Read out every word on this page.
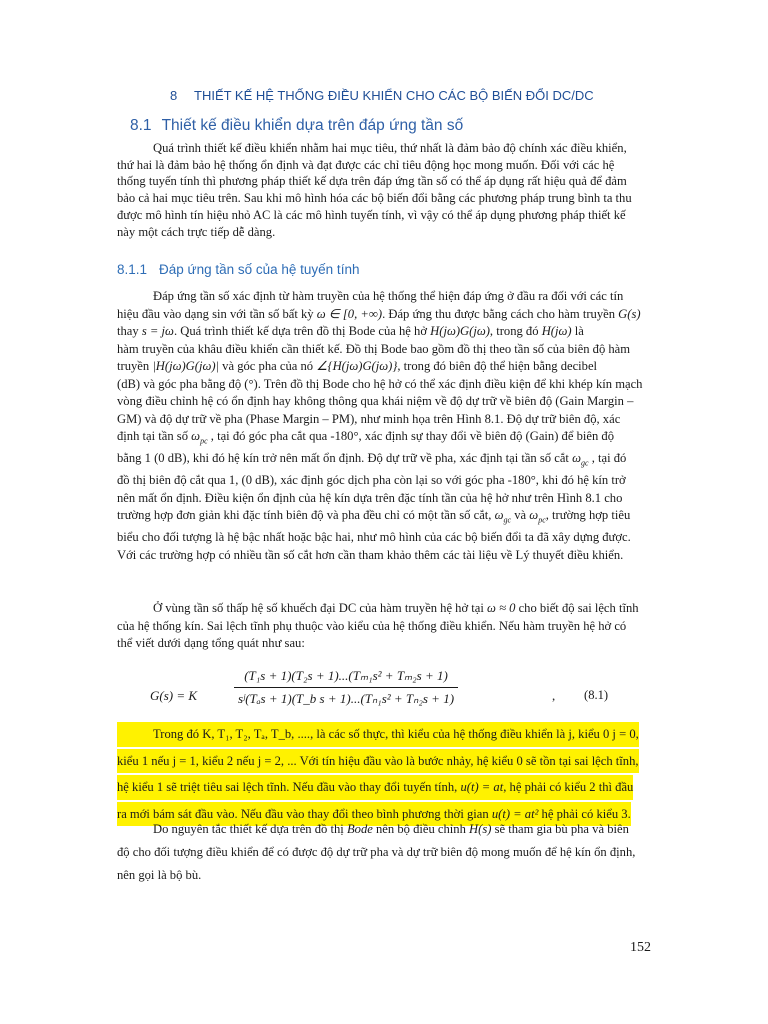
8 THIẾT KẾ HỆ THỐNG ĐIỀU KHIỂN CHO CÁC BỘ BIẾN ĐỔI DC/DC
8.1 Thiết kế điều khiển dựa trên đáp ứng tần số
Quá trình thiết kế điều khiển nhằm hai mục tiêu, thứ nhất là đảm bảo độ chính xác điều khiển,
thứ hai là đảm bảo hệ thống ổn định và đạt được các chỉ tiêu động học mong muốn. Đối với các hệ
thống tuyến tính thì phương pháp thiết kế dựa trên đáp ứng tần số có thể áp dụng rất hiệu quả để đảm
bảo cả hai mục tiêu trên. Sau khi mô hình hóa các bộ biến đổi bằng các phương pháp trung bình ta thu
được mô hình tín hiệu nhỏ AC là các mô hình tuyến tính, vì vậy có thể áp dụng phương pháp thiết kế
này một cách trực tiếp dễ dàng.
8.1.1 Đáp ứng tần số của hệ tuyến tính
Đáp ứng tần số xác định từ hàm truyền của hệ thống thể hiện đáp ứng ở đầu ra đối với các tín
hiệu đầu vào dạng sin với tần số bất kỳ ω ∈ [0, +∞). Đáp ứng thu được bằng cách cho hàm truyền G(s)
thay s = jω. Quá trình thiết kế dựa trên đồ thị Bode của hệ hở H(jω)G(jω), trong đó H(jω) là
hàm truyền của khâu điều khiển cần thiết kế. Đồ thị Bode bao gồm đồ thị theo tần số của biên độ hàm
truyền |H(jω)G(jω)| và góc pha của nó ∠{H(jω)G(jω)}, trong đó biên độ thể hiện bằng decibel
(dB) và góc pha bằng độ (°). Trên đồ thị Bode cho hệ hở có thể xác định điều kiện để khi khép kín mạch
vòng điều chỉnh hệ có ổn định hay không thông qua khái niệm về độ dự trữ về biên độ (Gain Margin –
GM) và độ dự trữ về pha (Phase Margin – PM), như minh họa trên Hình 8.1. Độ dự trữ biên độ, xác
định tại tần số $\omega_{pc}$ , tại đó góc pha cắt qua -180°, xác định sự thay đổi về biên độ (Gain) để biên độ
bằng 1 (0 dB), khi đó hệ kín trở nên mất ổn định. Độ dự trữ về pha, xác định tại tần số cắt $\omega_{gc}$ , tại đó
đồ thị biên độ cắt qua 1, (0 dB), xác định góc dịch pha còn lại so với góc pha -180°, khi đó hệ kín trở
nên mất ổn định. Điều kiện ổn định của hệ kín dựa trên đặc tính tần của hệ hở như trên Hình 8.1 cho
trường hợp đơn giản khi đặc tính biên độ và pha đều chỉ có một tần số cắt, $\omega_{gc}$ và $\omega_{pc}$, trường hợp tiêu
biểu cho đối tượng là hệ bậc nhất hoặc bậc hai, như mô hình của các bộ biến đổi ta đã xây dựng được.
Với các trường hợp có nhiều tần số cắt hơn cần tham khảo thêm các tài liệu về Lý thuyết điều khiển.
Ở vùng tần số thấp hệ số khuếch đại DC của hàm truyền hệ hở tại ω ≈ 0 cho biết độ sai lệch tĩnh
của hệ thống kín. Sai lệch tĩnh phụ thuộc vào kiểu của hệ thống điều khiển. Nếu hàm truyền hệ hở có
thể viết dưới dạng tổng quát như sau:
G(s) = K
(T₁s + 1)(T₂s + 1)...(Tₘ₁s² + Tₘ₂s + 1)
sʲ(Tₐs + 1)(T_b s + 1)...(Tₙ₁s² + Tₙ₂s + 1)	, (8.1)
Trong đó K, T₁, T₂, Tₐ, T_b, ...., là các số thực, thì kiểu của hệ thống điều khiển là j, kiểu 0 j = 0, kiểu 1 nếu j = 1, kiểu 2 nếu j = 2, ... Với tín hiệu đầu vào là bước nhảy, hệ kiểu 0 sẽ tồn tại sai lệch tĩnh, hệ kiểu 1 sẽ triệt tiêu sai lệch tĩnh. Nếu đầu vào thay đổi tuyến tính, u(t) = at, hệ phải có kiểu 2 thì đầu ra mới bám sát đầu vào. Nếu đầu vào thay đổi theo bình phương thời gian u(t) = at² hệ phải có kiểu 3.
Do nguyên tắc thiết kế dựa trên đồ thị Bode nên bộ điều chỉnh H(s) sẽ tham gia bù pha và biên
độ cho đối tượng điều khiển để có được độ dự trữ pha và dự trữ biên độ mong muốn để hệ kín ổn định,
nên gọi là bộ bù.
152
